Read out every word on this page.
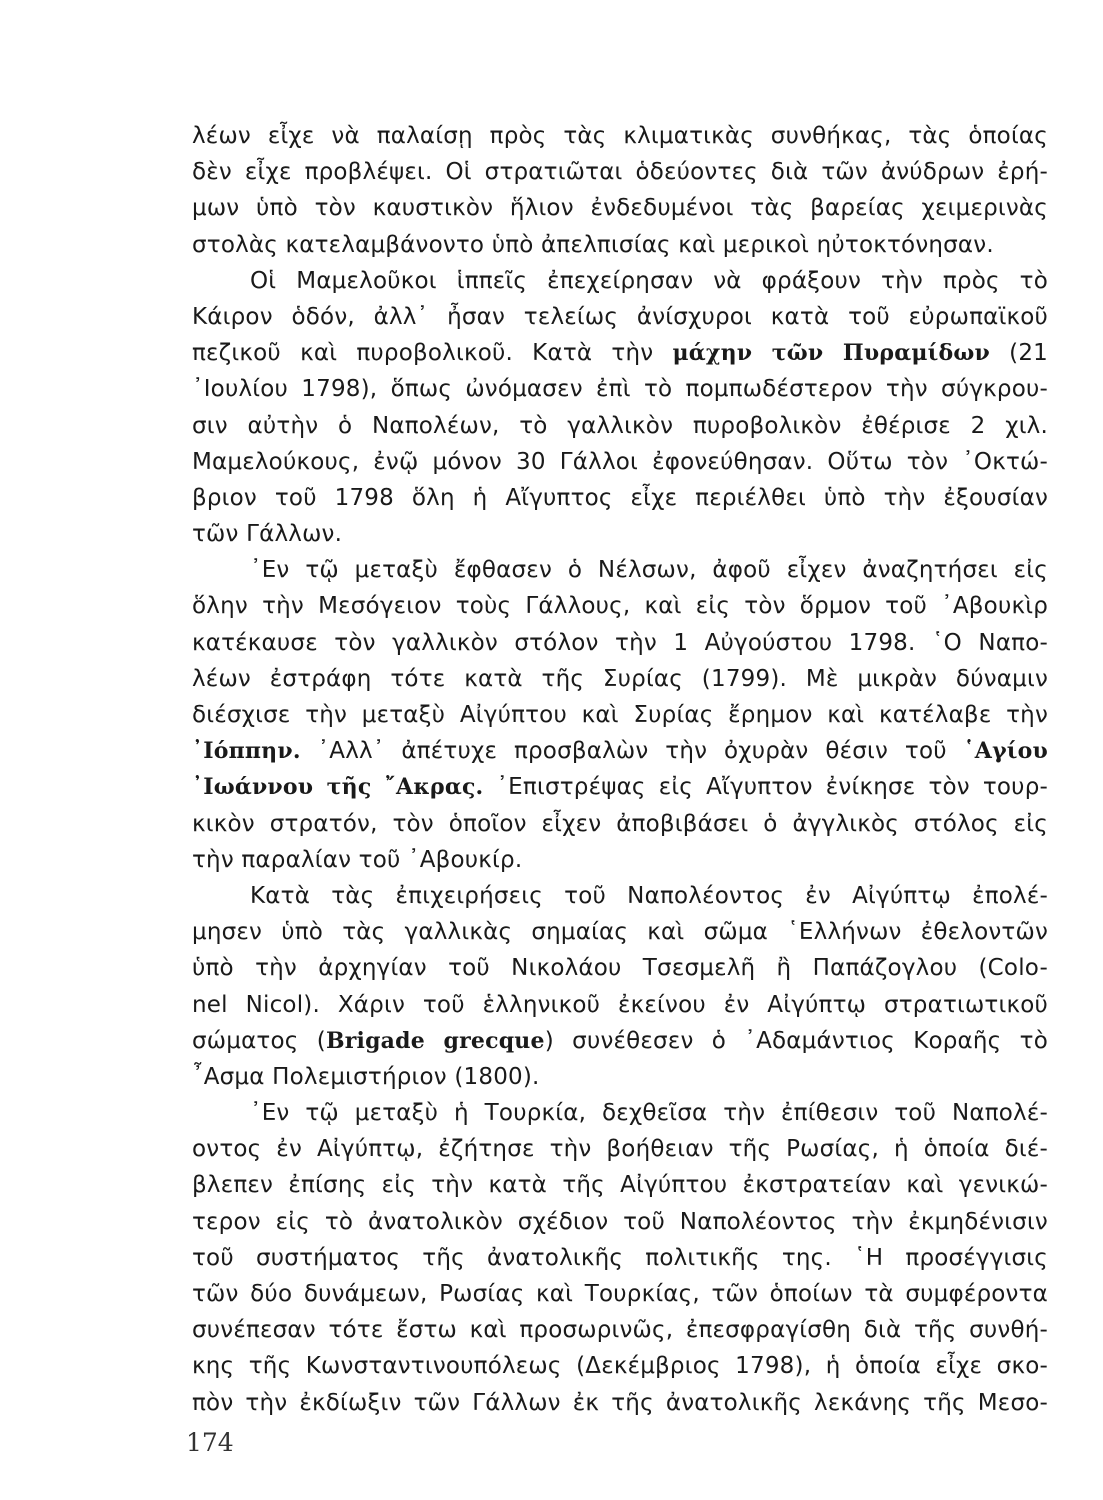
λέων εἶχε νὰ παλαίσῃ πρὸς τὰς κλιματικὰς συνθήκας, τὰς ὁποίας
δὲν εἶχε προβλέψει. Οἱ στρατιῶται ὁδεύοντες διὰ τῶν ἀνύδρων ἐρή-
μων ὑπὸ τὸν καυστικὸν ἥλιον ἐνδεδυμένοι τὰς βαρείας χειμερινὰς
στολὰς κατελαμβάνοντο ὑπὸ ἀπελπισίας καὶ μερικοὶ ηὐτοκτόνησαν.
Οἱ Μαμελοῦκοι ἱππεῖς ἐπεχείρησαν νὰ φράξουν τὴν πρὸς τὸ
Κάιρον ὁδόν, ἀλλ᾽ ἦσαν τελείως ἀνίσχυροι κατὰ τοῦ εὐρωπαϊκοῦ
πεζικοῦ καὶ πυροβολικοῦ. Κατὰ τὴν μάχην τῶν Πυραμίδων (21
᾽Ιουλίου 1798), ὅπως ὠνόμασεν ἐπὶ τὸ πομπωδέστερον τὴν σύγκρου-
σιν αὐτὴν ὁ Ναπολέων, τὸ γαλλικὸν πυροβολικὸν ἐθέρισε 2 χιλ.
Μαμελούκους, ἐνῷ μόνον 30 Γάλλοι ἐφονεύθησαν. Οὕτω τὸν ᾽Οκτώ-
βριον τοῦ 1798 ὅλη ἡ Αἴγυπτος εἶχε περιέλθει ὑπὸ τὴν ἐξουσίαν
τῶν Γάλλων.
᾽Εν τῷ μεταξὺ ἔφθασεν ὁ Νέλσων, ἀφοῦ εἶχεν ἀναζητήσει εἰς
ὅλην τὴν Μεσόγειον τοὺς Γάλλους, καὶ εἰς τὸν ὅρμον τοῦ ᾽Αβουκὶρ
κατέκαυσε τὸν γαλλικὸν στόλον τὴν 1 Αὐγούστου 1798. ῾Ο Ναπο-
λέων ἐστράφη τότε κατὰ τῆς Συρίας (1799). Μὲ μικρὰν δύναμιν
διέσχισε τὴν μεταξὺ Αἰγύπτου καὶ Συρίας ἔρημον καὶ κατέλαβε τὴν
᾽Ιόππην. ᾽Αλλ᾽ ἀπέτυχε προσβαλὼν τὴν ὀχυρὰν θέσιν τοῦ ῾Αγίου
᾽Ιωάννου τῆς ῎Ακρας. ᾽Επιστρέψας εἰς Αἴγυπτον ἐνίκησε τὸν τουρ-
κικὸν στρατόν, τὸν ὁποῖον εἶχεν ἀποβιβάσει ὁ ἀγγλικὸς στόλος εἰς
τὴν παραλίαν τοῦ ᾽Αβουκίρ.
Κατὰ τὰς ἐπιχειρήσεις τοῦ Ναπολέοντος ἐν Αἰγύπτῳ ἐπολέ-
μησεν ὑπὸ τὰς γαλλικὰς σημαίας καὶ σῶμα ῾Ελλήνων ἐθελοντῶν
ὑπὸ τὴν ἀρχηγίαν τοῦ Νικολάου Τσεσμελῆ ἢ Παπάζογλου (Colo-
nel Nicol). Χάριν τοῦ ἑλληνικοῦ ἐκείνου ἐν Αἰγύπτῳ στρατιωτικοῦ
σώματος (Brigade grecque) συνέθεσεν ὁ ᾽Αδαμάντιος Κοραῆς τὸ
῏Ασμα Πολεμιστήριον (1800).
᾽Εν τῷ μεταξὺ ἡ Τουρκία, δεχθεῖσα τὴν ἐπίθεσιν τοῦ Ναπολέ-
οντος ἐν Αἰγύπτῳ, ἐζήτησε τὴν βοήθειαν τῆς Ρωσίας, ἡ ὁποία διέ-
βλεπεν ἐπίσης εἰς τὴν κατὰ τῆς Αἰγύπτου ἐκστρατείαν καὶ γενικώ-
τερον εἰς τὸ ἀνατολικὸν σχέδιον τοῦ Ναπολέοντος τὴν ἐκμηδένισιν
τοῦ συστήματος τῆς ἀνατολικῆς πολιτικῆς της. ῾Η προσέγγισις
τῶν δύο δυνάμεων, Ρωσίας καὶ Τουρκίας, τῶν ὁποίων τὰ συμφέροντα
συνέπεσαν τότε ἔστω καὶ προσωρινῶς, ἐπεσφραγίσθη διὰ τῆς συνθή-
κης τῆς Κωνσταντινουπόλεως (Δεκέμβριος 1798), ἡ ὁποία εἶχε σκο-
πὸν τὴν ἐκδίωξιν τῶν Γάλλων ἐκ τῆς ἀνατολικῆς λεκάνης τῆς Μεσο-
174
